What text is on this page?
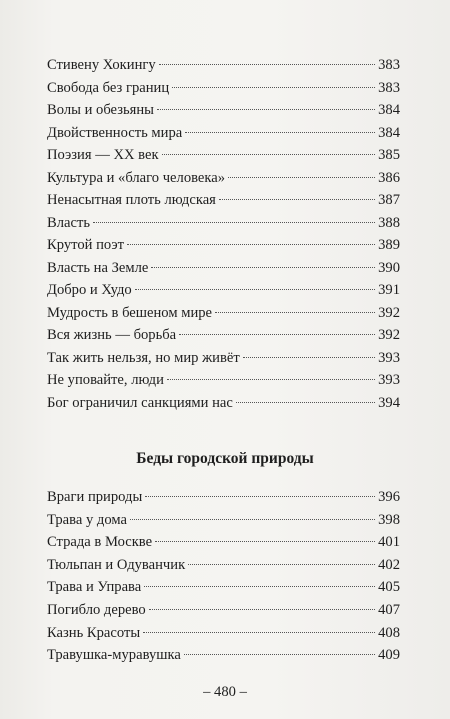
Стивену Хокингу	383
Свобода без границ	383
Волы и обезьяны	384
Двойственность мира	384
Поэзия — XX век	385
Культура и «благо человека»	386
Ненасытная плоть людская	387
Власть	388
Крутой поэт	389
Власть на Земле	390
Добро и Худо	391
Мудрость в бешеном мире	392
Вся жизнь — борьба	392
Так жить нельзя, но мир живёт	393
Не уповайте, люди	393
Бог ограничил санкциями нас	394
Беды городской природы
Враги природы	396
Трава у дома	398
Страда в Москве	401
Тюльпан и Одуванчик	402
Трава и Управа	405
Погибло дерево	407
Казнь Красоты	408
Травушка-муравушка	409
– 480 –
